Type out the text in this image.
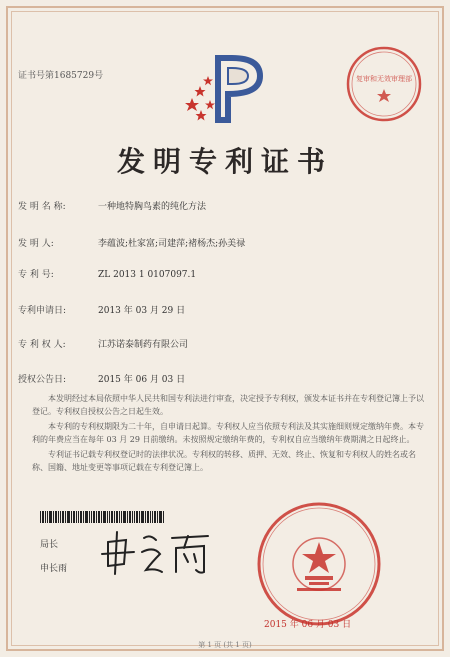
证书号第1685729号	复审和无效审理部
发明专利证书
发 明 名 称:	一种地特胸鸟素的纯化方法
发 明 人:	李蕴波;杜家富;司建萍;褚杨杰;孙美禄
专 利 号:	ZL 2013 1 0107097.1
专利申请日:	2013 年 03 月 29 日
专 利 权 人:	江苏诺泰制药有限公司
授权公告日:	2015 年 06 月 03 日

本发明经过本局依照中华人民共和国专利法进行审查，决定授予专利权，颁发本证书并在专利登记簿上予以登记。专利权自授权公告之日起生效。

本专利的专利权期限为二十年，自申请日起算。专利权人应当依照专利法及其实施细则规定缴纳年费。本专利的年费应当在每年 03 月 29 日前缴纳。未按照规定缴纳年费的，专利权自应当缴纳年费期满之日起终止。

专利证书记载专利权登记时的法律状况。专利权的转移、质押、无效、终止、恢复和专利权人的姓名或名称、国籍、地址变更等事项记载在专利登记簿上。

局长
申长雨
2015 年 06 月 03 日
第 1 页 (共 1 页)
